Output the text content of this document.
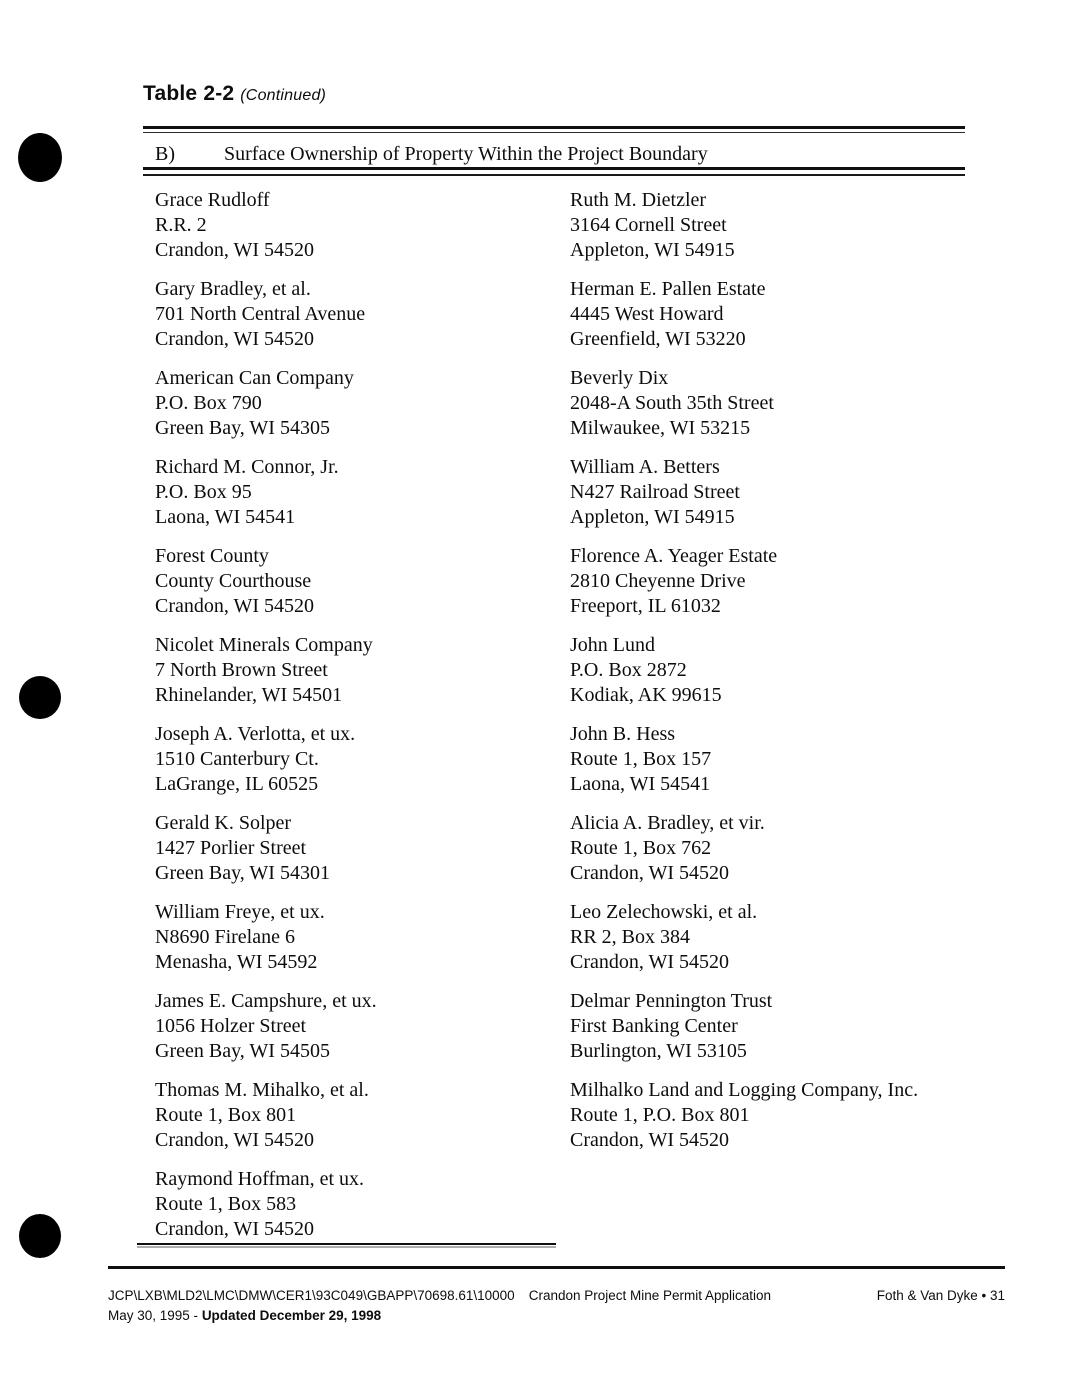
Table 2-2 (Continued)
B) Surface Ownership of Property Within the Project Boundary
Grace Rudloff
R.R. 2
Crandon, WI 54520
Gary Bradley, et al.
701 North Central Avenue
Crandon, WI 54520
American Can Company
P.O. Box 790
Green Bay, WI 54305
Richard M. Connor, Jr.
P.O. Box 95
Laona, WI 54541
Forest County
County Courthouse
Crandon, WI 54520
Nicolet Minerals Company
7 North Brown Street
Rhinelander, WI 54501
Joseph A. Verlotta, et ux.
1510 Canterbury Ct.
LaGrange, IL 60525
Gerald K. Solper
1427 Porlier Street
Green Bay, WI 54301
William Freye, et ux.
N8690 Firelane 6
Menasha, WI 54592
James E. Campshure, et ux.
1056 Holzer Street
Green Bay, WI 54505
Thomas M. Mihalko, et al.
Route 1, Box 801
Crandon, WI 54520
Raymond Hoffman, et ux.
Route 1, Box 583
Crandon, WI 54520
Ruth M. Dietzler
3164 Cornell Street
Appleton, WI 54915
Herman E. Pallen Estate
4445 West Howard
Greenfield, WI 53220
Beverly Dix
2048-A South 35th Street
Milwaukee, WI 53215
William A. Betters
N427 Railroad Street
Appleton, WI 54915
Florence A. Yeager Estate
2810 Cheyenne Drive
Freeport, IL 61032
John Lund
P.O. Box 2872
Kodiak, AK 99615
John B. Hess
Route 1, Box 157
Laona, WI 54541
Alicia A. Bradley, et vir.
Route 1, Box 762
Crandon, WI 54520
Leo Zelechowski, et al.
RR 2, Box 384
Crandon, WI 54520
Delmar Pennington Trust
First Banking Center
Burlington, WI 53105
Milhalko Land and Logging Company, Inc.
Route 1, P.O. Box 801
Crandon, WI 54520
JCP\LXB\MLD2\LMC\DMW\CER1\93C049\GBAPP\70698.61\10000 Crandon Project Mine Permit Application	Foth & Van Dyke • 31
May 30, 1995 - Updated December 29, 1998
